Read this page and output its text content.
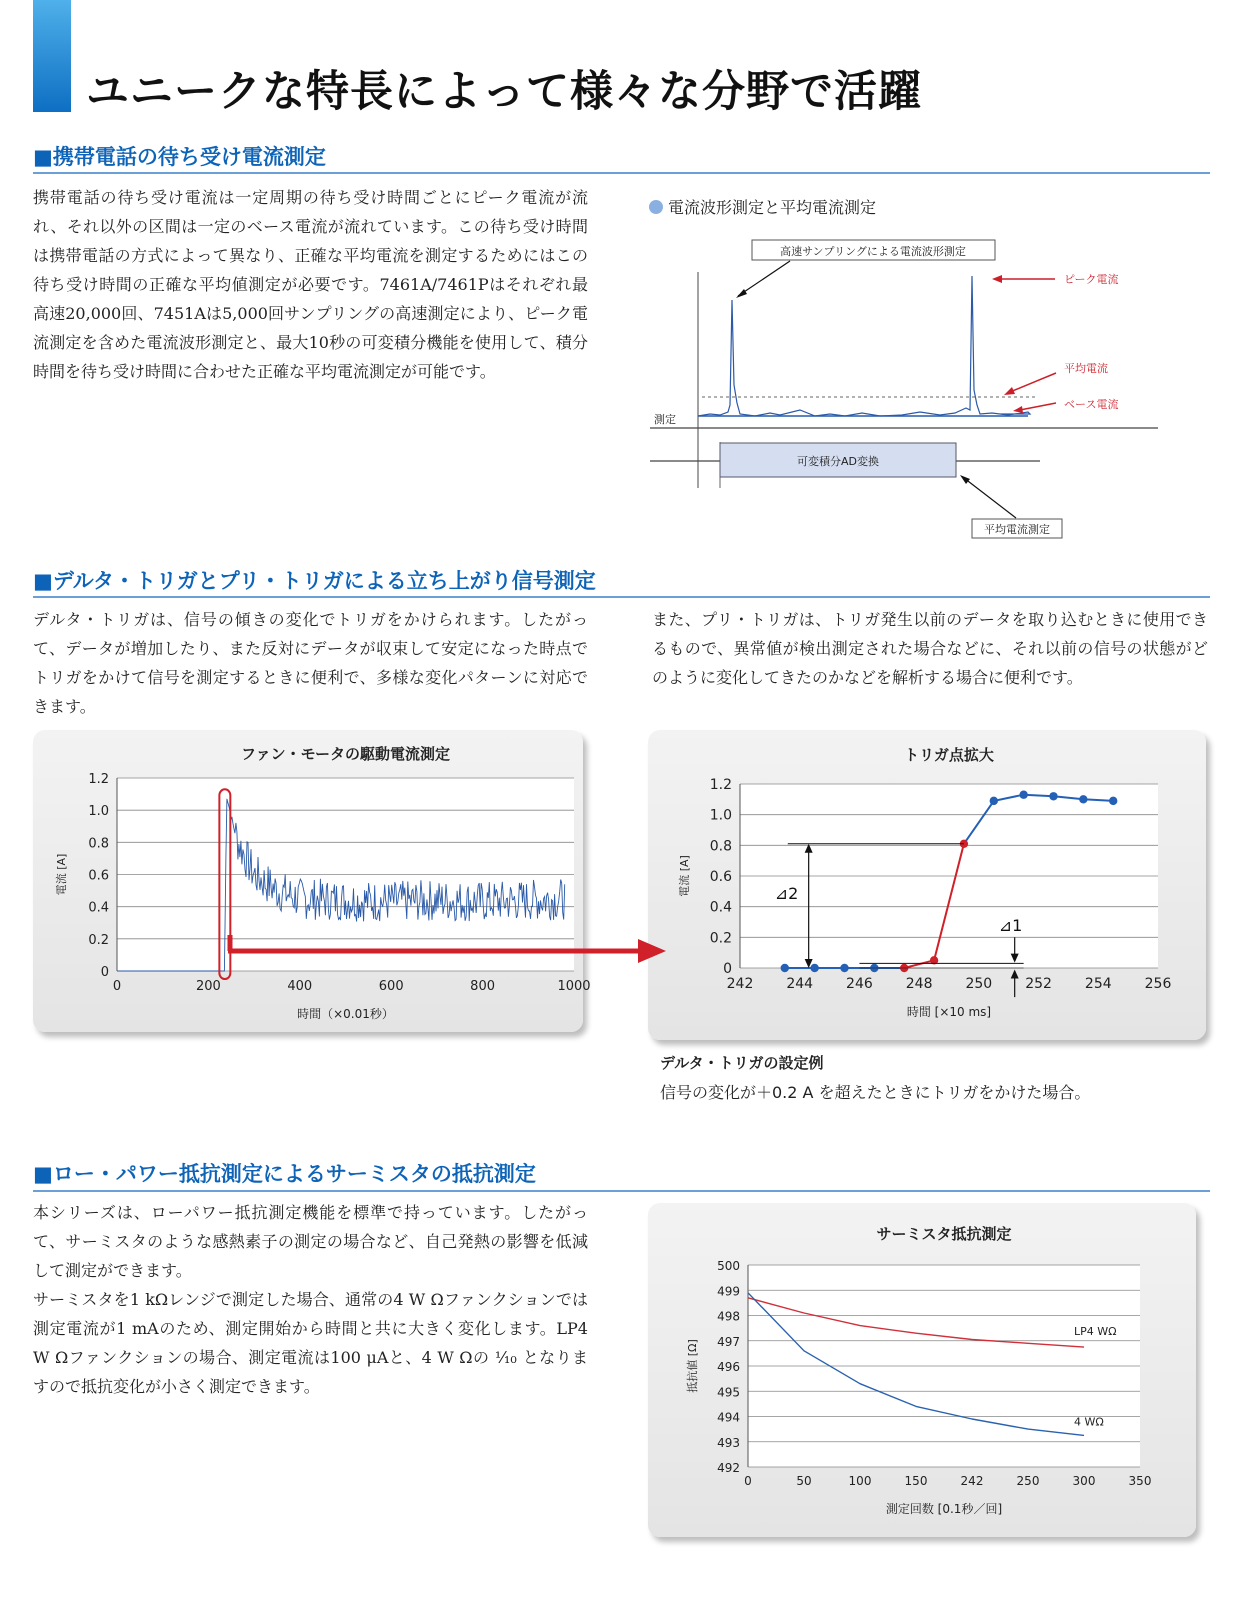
ユニークな特長によって様々な分野で活躍
■携帯電話の待ち受け電流測定
携帯電話の待ち受け電流は一定周期の待ち受け時間ごとにピーク電流が流れ、それ以外の区間は一定のベース電流が流れています。この待ち受け時間は携帯電話の方式によって異なり、正確な平均電流を測定するためにはこの待ち受け時間の正確な平均値測定が必要です。7461A/7461Pはそれぞれ最高速20,000回、7451Aは5,000回サンプリングの高速測定により、ピーク電流測定を含めた電流波形測定と、最大10秒の可変積分機能を使用して、積分時間を待ち受け時間に合わせた正確な平均電流測定が可能です。
電流波形測定と平均電流測定
測定
高速サンプリングによる電流波形測定
ピーク電流
平均電流
ベース電流
可変積分AD変換
平均電流測定
■デルタ・トリガとプリ・トリガによる立ち上がり信号測定
デルタ・トリガは、信号の傾きの変化でトリガをかけられます。したがって、データが増加したり、また反対にデータが収束して安定になった時点でトリガをかけて信号を測定するときに便利で、多様な変化パターンに対応できます。
また、プリ・トリガは、トリガ発生以前のデータを取り込むときに使用できるもので、異常値が検出測定された場合などに、それ以前の信号の状態がどのように変化してきたのかなどを解析する場合に便利です。
ファン・モータの駆動電流測定
0
0.2
0.4
0.6
0.8
1.0
1.2
0	200	400	600	800	1000
時間（×0.01秒）
電流 [A]
トリガ点拡大
0
0.2
0.4
0.6
0.8
1.0
1.2
242 244 246 248 250 252 254 256
時間 [×10 ms]
電流 [A]	⊿2
⊿1
デルタ・トリガの設定例
信号の変化が＋0.2 A を超えたときにトリガをかけた場合。
■ロー・パワー抵抗測定によるサーミスタの抵抗測定
本シリーズは、ローパワー抵抗測定機能を標準で持っています。したがって、サーミスタのような感熱素子の測定の場合など、自己発熱の影響を低減して測定ができます。
サーミスタを1 kΩレンジで測定した場合、通常の4 W Ωファンクションでは測定電流が1 mAのため、測定開始から時間と共に大きく変化します。LP4 W Ωファンクションの場合、測定電流は100 μAと、4 W Ωの ⅒ となりますので抵抗変化が小さく測定できます。
サーミスタ抵抗測定
492
493
494
495
496
497
498
499
500
0	50	100	150	242	250	300	350
測定回数 [0.1秒／回]
抵抗値 [Ω]
LP4 WΩ
4 WΩ
